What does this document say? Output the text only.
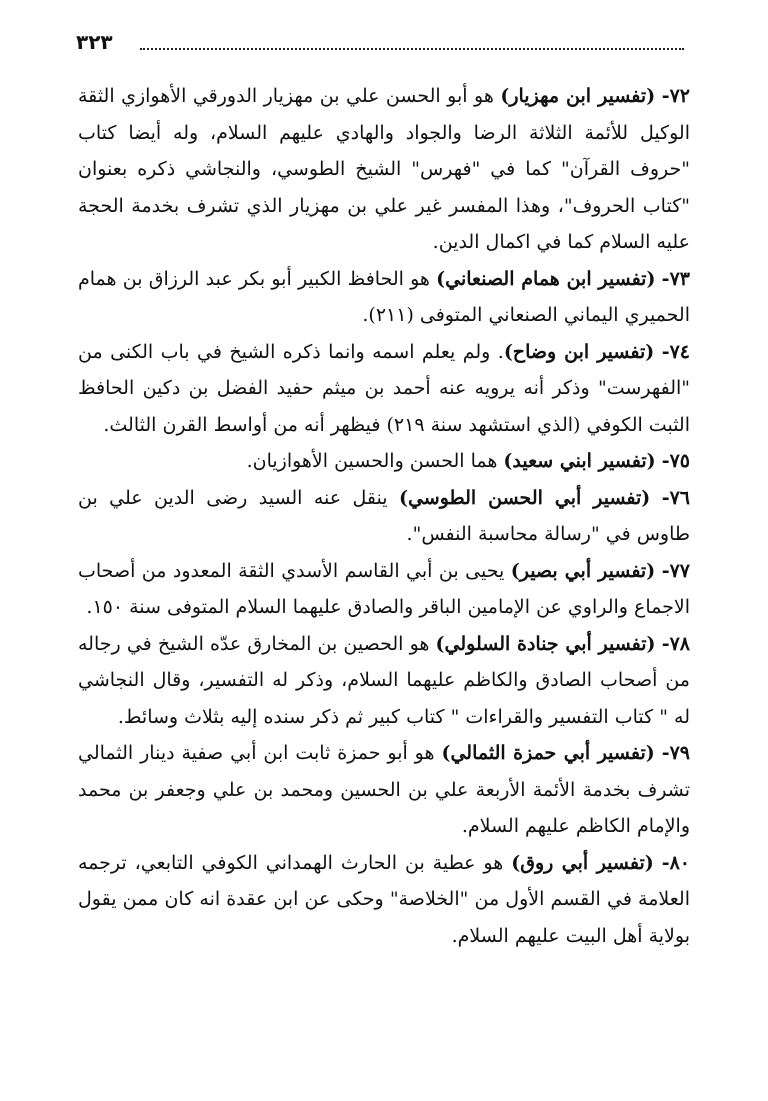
٣٢٣

٧٢- (تفسير ابن مهزيار) هو أبو الحسن علي بن مهزيار الدورقي الأهوازي الثقة الوكيل للأئمة الثلاثة الرضا والجواد والهادي عليهم السلام، وله أيضا كتاب "حروف القرآن" كما في "فهرس" الشيخ الطوسي، والنجاشي ذكره بعنوان "كتاب الحروف"، وهذا المفسر غير علي بن مهزيار الذي تشرف بخدمة الحجة عليه السلام كما في اكمال الدين.

٧٣- (تفسير ابن همام الصنعاني) هو الحافظ الكبير أبو بكر عبد الرزاق بن همام الحميري اليماني الصنعاني المتوفى (٢١١).

٧٤- (تفسير ابن وضاح). ولم يعلم اسمه وانما ذكره الشيخ في باب الكنى من "الفهرست" وذكر أنه يرويه عنه أحمد بن ميثم حفيد الفضل بن دكين الحافظ الثبت الكوفي (الذي استشهد سنة ٢١٩) فيظهر أنه من أواسط القرن الثالث.

٧٥- (تفسير ابني سعيد) هما الحسن والحسين الأهوازيان.

٧٦- (تفسير أبي الحسن الطوسي) ينقل عنه السيد رضى الدين علي بن طاوس في "رسالة محاسبة النفس".

٧٧- (تفسير أبي بصير) يحيى بن أبي القاسم الأسدي الثقة المعدود من أصحاب الاجماع والراوي عن الإمامين الباقر والصادق عليهما السلام المتوفى سنة ١٥٠.

٧٨- (تفسير أبي جنادة السلولي) هو الحصين بن المخارق عدّه الشيخ في رجاله من أصحاب الصادق والكاظم عليهما السلام، وذكر له التفسير، وقال النجاشي له " كتاب التفسير والقراءات " كتاب كبير ثم ذكر سنده إليه بثلاث وسائط.

٧٩- (تفسير أبي حمزة الثمالي) هو أبو حمزة ثابت ابن أبي صفية دينار الثمالي تشرف بخدمة الأئمة الأربعة علي بن الحسين ومحمد بن علي وجعفر بن محمد والإمام الكاظم عليهم السلام.

٨٠- (تفسير أبي روق) هو عطية بن الحارث الهمداني الكوفي التابعي، ترجمه العلامة في القسم الأول من "الخلاصة" وحكى عن ابن عقدة انه كان ممن يقول بولاية أهل البيت عليهم السلام.
